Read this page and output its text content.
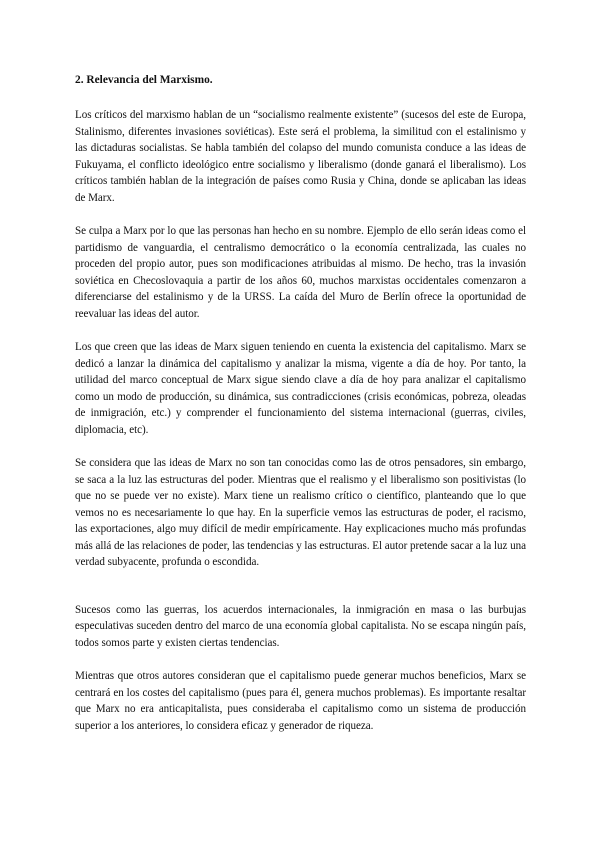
2. Relevancia del Marxismo.

Los críticos del marxismo hablan de un “socialismo realmente existente” (sucesos del este de Europa, Stalinismo, diferentes invasiones soviéticas). Este será el problema, la similitud con el estalinismo y las dictaduras socialistas. Se habla también del colapso del mundo comunista conduce a las ideas de Fukuyama, el conflicto ideológico entre socialismo y liberalismo (donde ganará el liberalismo). Los críticos también hablan de la integración de países como Rusia y China, donde se aplicaban las ideas de Marx.

Se culpa a Marx por lo que las personas han hecho en su nombre. Ejemplo de ello serán ideas como el partidismo de vanguardia, el centralismo democrático o la economía centralizada, las cuales no proceden del propio autor, pues son modificaciones atribuidas al mismo. De hecho, tras la invasión soviética en Checoslovaquia a partir de los años 60, muchos marxistas occidentales comenzaron a diferenciarse del estalinismo y de la URSS. La caída del Muro de Berlín ofrece la oportunidad de reevaluar las ideas del autor.

Los que creen que las ideas de Marx siguen teniendo en cuenta la existencia del capitalismo. Marx se dedicó a lanzar la dinámica del capitalismo y analizar la misma, vigente a día de hoy. Por tanto, la utilidad del marco conceptual de Marx sigue siendo clave a día de hoy para analizar el capitalismo como un modo de producción, su dinámica, sus contradicciones (crisis económicas, pobreza, oleadas de inmigración, etc.) y comprender el funcionamiento del sistema internacional (guerras, civiles, diplomacia, etc).

Se considera que las ideas de Marx no son tan conocidas como las de otros pensadores, sin embargo, se saca a la luz las estructuras del poder. Mientras que el realismo y el liberalismo son positivistas (lo que no se puede ver no existe). Marx tiene un realismo crítico o científico, planteando que lo que vemos no es necesariamente lo que hay. En la superficie vemos las estructuras de poder, el racismo, las exportaciones, algo muy difícil de medir empíricamente. Hay explicaciones mucho más profundas más allá de las relaciones de poder, las tendencias y las estructuras. El autor pretende sacar a la luz una verdad subyacente, profunda o escondida.

Sucesos como las guerras, los acuerdos internacionales, la inmigración en masa o las burbujas especulativas suceden dentro del marco de una economía global capitalista. No se escapa ningún país, todos somos parte y existen ciertas tendencias.

Mientras que otros autores consideran que el capitalismo puede generar muchos beneficios, Marx se centrará en los costes del capitalismo (pues para él, genera muchos problemas). Es importante resaltar que Marx no era anticapitalista, pues consideraba el capitalismo como un sistema de producción superior a los anteriores, lo considera eficaz y generador de riqueza.
